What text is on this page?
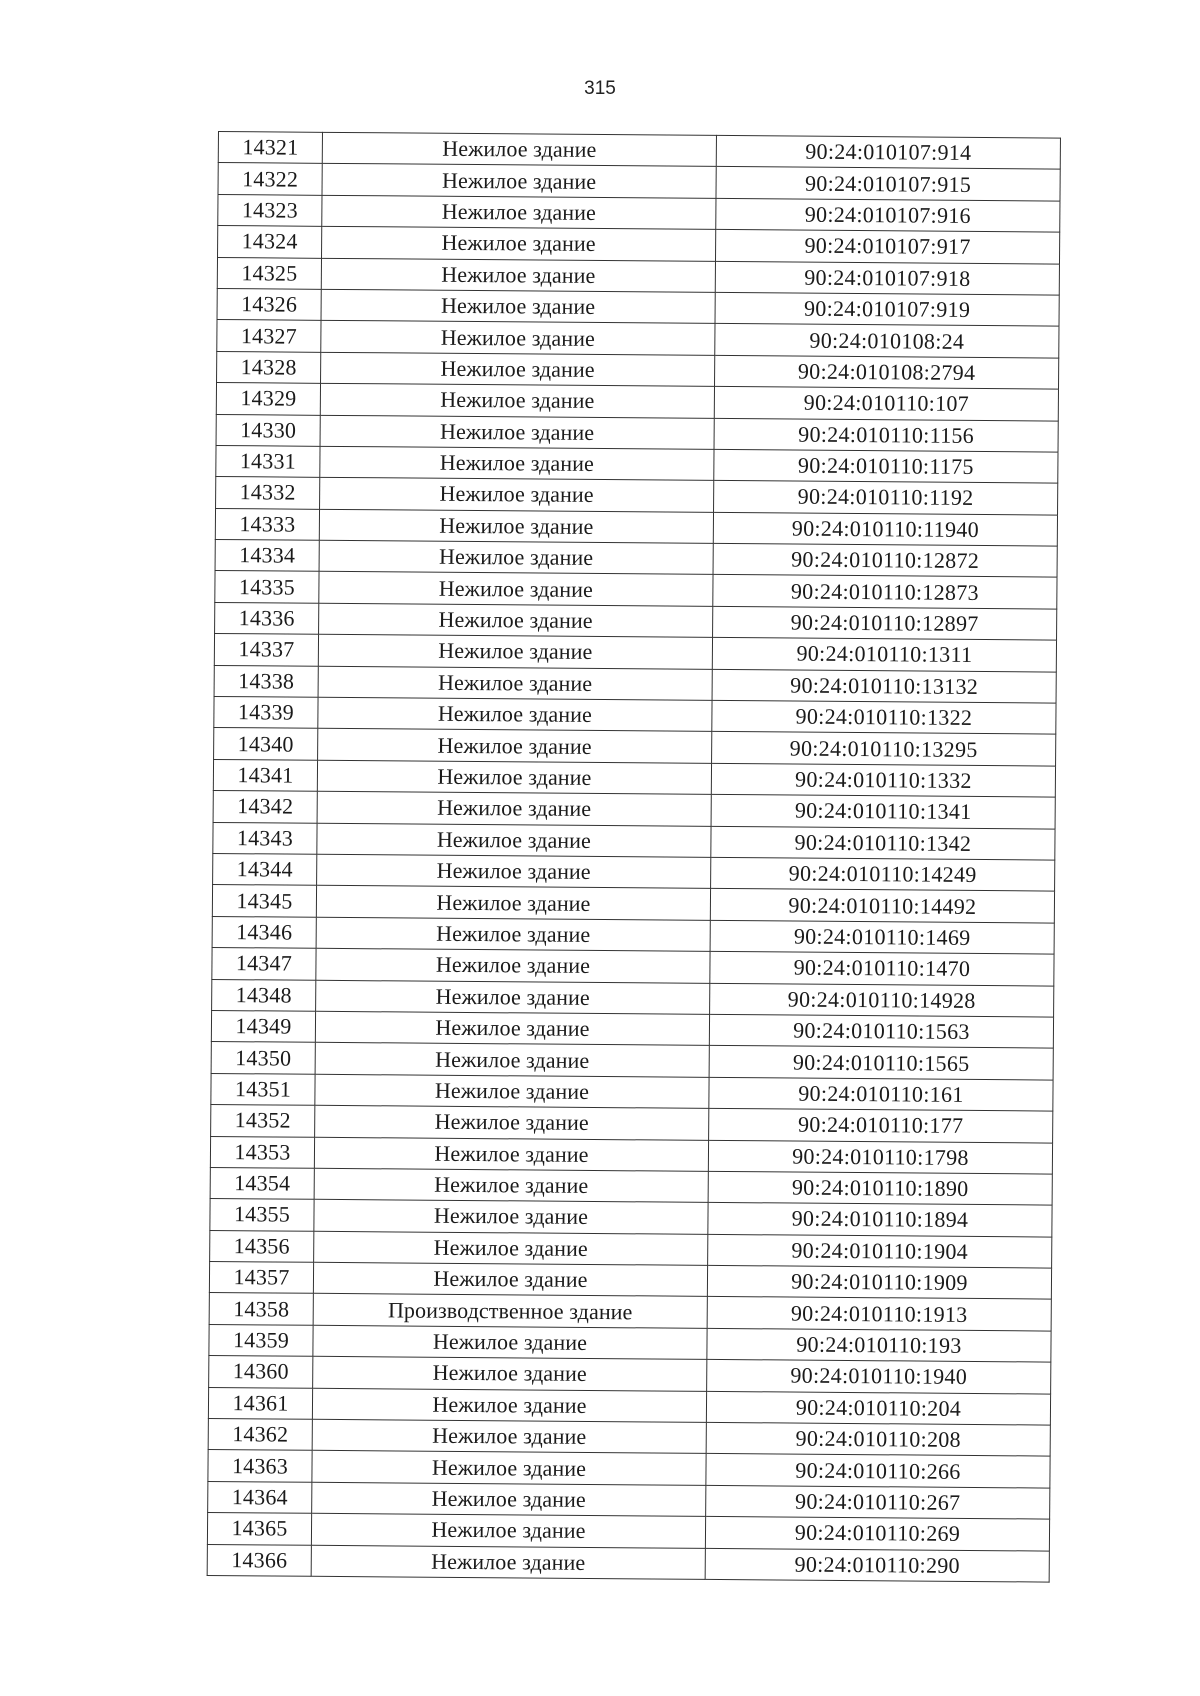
315
14321	Нежилое здание	90:24:010107:914
14322	Нежилое здание	90:24:010107:915
14323	Нежилое здание	90:24:010107:916
14324	Нежилое здание	90:24:010107:917
14325	Нежилое здание	90:24:010107:918
14326	Нежилое здание	90:24:010107:919
14327	Нежилое здание	90:24:010108:24
14328	Нежилое здание	90:24:010108:2794
14329	Нежилое здание	90:24:010110:107
14330	Нежилое здание	90:24:010110:1156
14331	Нежилое здание	90:24:010110:1175
14332	Нежилое здание	90:24:010110:1192
14333	Нежилое здание	90:24:010110:11940
14334	Нежилое здание	90:24:010110:12872
14335	Нежилое здание	90:24:010110:12873
14336	Нежилое здание	90:24:010110:12897
14337	Нежилое здание	90:24:010110:1311
14338	Нежилое здание	90:24:010110:13132
14339	Нежилое здание	90:24:010110:1322
14340	Нежилое здание	90:24:010110:13295
14341	Нежилое здание	90:24:010110:1332
14342	Нежилое здание	90:24:010110:1341
14343	Нежилое здание	90:24:010110:1342
14344	Нежилое здание	90:24:010110:14249
14345	Нежилое здание	90:24:010110:14492
14346	Нежилое здание	90:24:010110:1469
14347	Нежилое здание	90:24:010110:1470
14348	Нежилое здание	90:24:010110:14928
14349	Нежилое здание	90:24:010110:1563
14350	Нежилое здание	90:24:010110:1565
14351	Нежилое здание	90:24:010110:161
14352	Нежилое здание	90:24:010110:177
14353	Нежилое здание	90:24:010110:1798
14354	Нежилое здание	90:24:010110:1890
14355	Нежилое здание	90:24:010110:1894
14356	Нежилое здание	90:24:010110:1904
14357	Нежилое здание	90:24:010110:1909
14358	Производственное здание	90:24:010110:1913
14359	Нежилое здание	90:24:010110:193
14360	Нежилое здание	90:24:010110:1940
14361	Нежилое здание	90:24:010110:204
14362	Нежилое здание	90:24:010110:208
14363	Нежилое здание	90:24:010110:266
14364	Нежилое здание	90:24:010110:267
14365	Нежилое здание	90:24:010110:269
14366	Нежилое здание	90:24:010110:290
